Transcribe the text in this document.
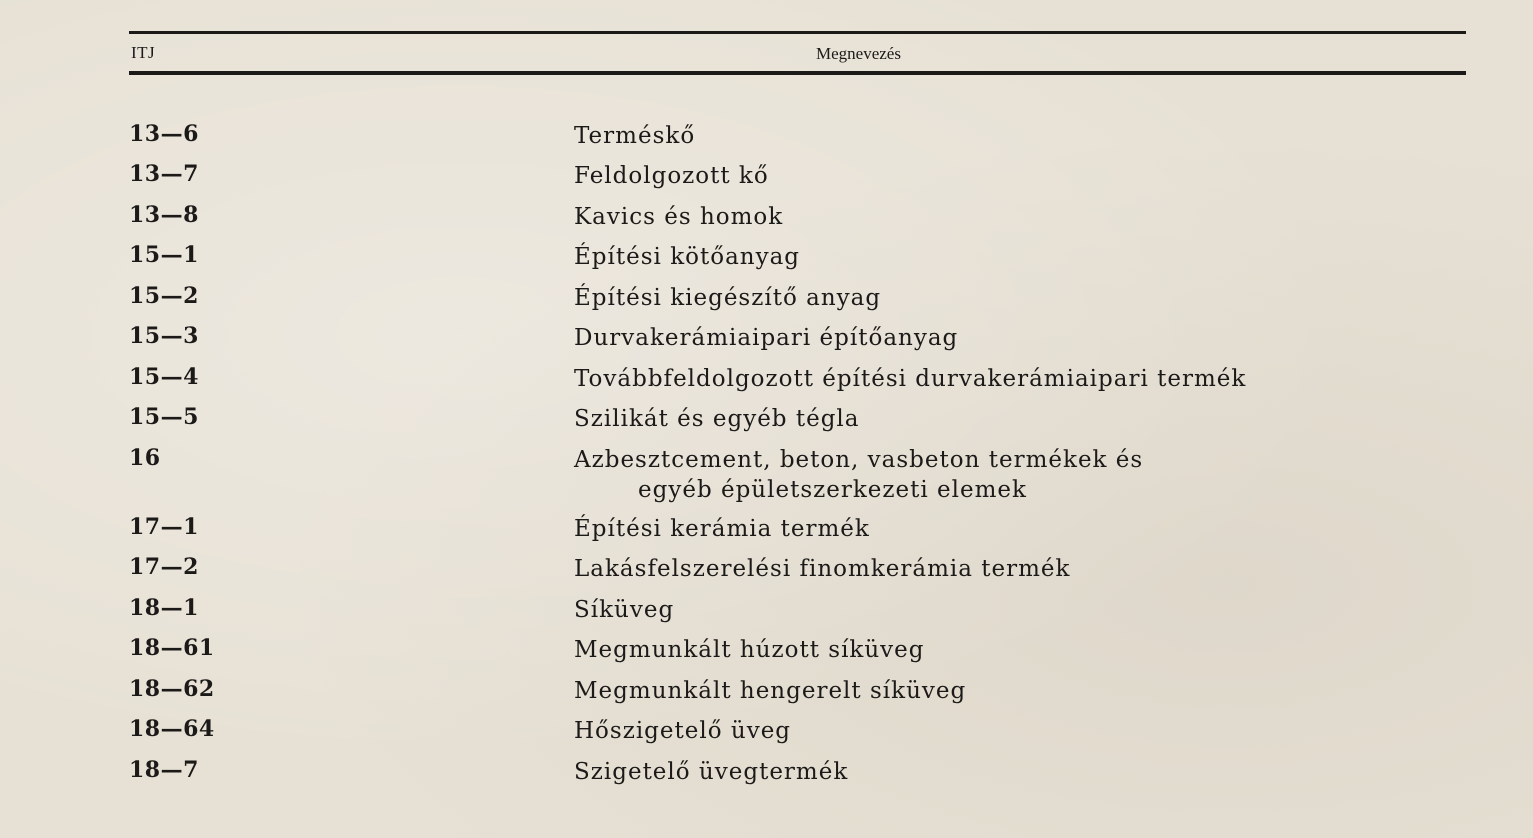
ITJ	Megnevezés
13—6	Terméskő
13—7	Feldolgozott kő
13—8	Kavics és homok
15—1	Építési kötőanyag
15—2	Építési kiegészítő anyag
15—3	Durvakerámiaipari építőanyag
15—4	Továbbfeldolgozott építési durvakerámiaipari termék
15—5	Szilikát és egyéb tégla
16	Azbesztcement, beton, vasbeton termékek és
egyéb épületszerkezeti elemek
17—1	Építési kerámia termék
17—2	Lakásfelszerelési finomkerámia termék
18—1	Síküveg
18—61	Megmunkált húzott síküveg
18—62	Megmunkált hengerelt síküveg
18—64	Hőszigetelő üveg
18—7	Szigetelő üvegtermék
